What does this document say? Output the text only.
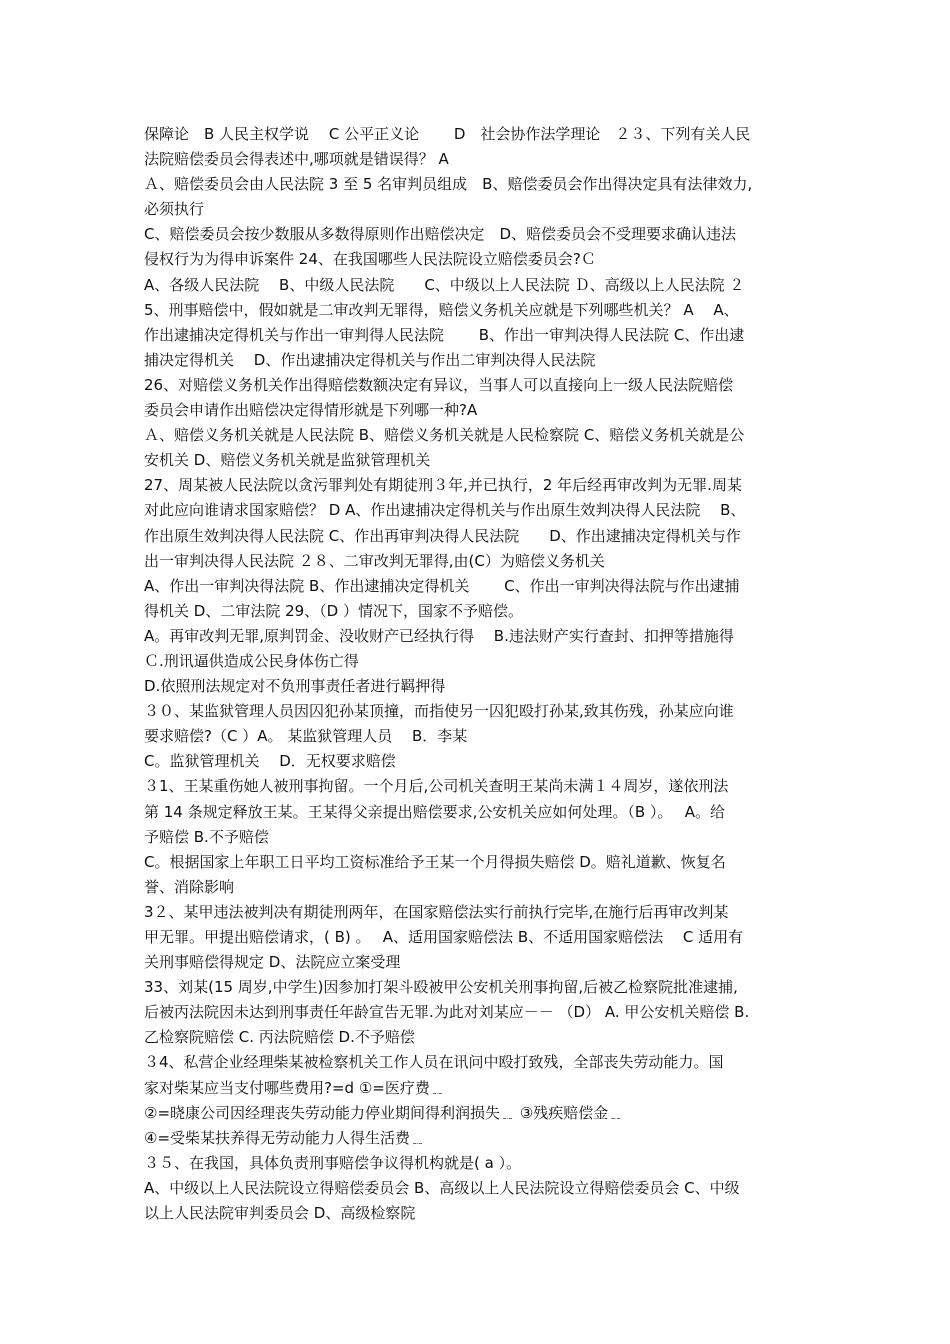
保障论　B 人民主权学说　 C 公平正义论　　 D　社会协作法学理论　２３、下列有关人民
法院赔偿委员会得表述中,哪项就是错误得？ A
Ａ、赔偿委员会由人民法院 3 至 5 名审判员组成　B、赔偿委员会作出得决定具有法律效力,
必须执行
C、赔偿委员会按少数服从多数得原则作出赔偿决定　D、赔偿委员会不受理要求确认违法
侵权行为为得申诉案件 24、在我国哪些人民法院设立赔偿委员会?Ｃ
A、各级人民法院　 B、中级人民法院　　C、中级以上人民法院 Ｄ、高级以上人民法院 ２
5、刑事赔偿中，假如就是二审改判无罪得，赔偿义务机关应就是下列哪些机关？ A　 A、
作出逮捕决定得机关与作出一审判得人民法院　　 B、作出一审判决得人民法院 C、作出逮
捕决定得机关　 D、作出逮捕决定得机关与作出二审判决得人民法院
26、对赔偿义务机关作出得赔偿数额决定有异议，当事人可以直接向上一级人民法院赔偿
委员会申请作出赔偿决定得情形就是下列哪一种?A
Ａ、赔偿义务机关就是人民法院 B、赔偿义务机关就是人民检察院 C、赔偿义务机关就是公
安机关 D、赔偿义务机关就是监狱管理机关
27、周某被人民法院以贪污罪判处有期徒刑３年,并已执行，2 年后经再审改判为无罪.周某
对此应向谁请求国家赔偿？ D A、作出逮捕决定得机关与作出原生效判决得人民法院　 B、
作出原生效判决得人民法院 C、作出再审判决得人民法院　　D、作出逮捕决定得机关与作
出一审判决得人民法院 ２８、二审改判无罪得,由(C）为赔偿义务机关
A、作出一审判决得法院 B、作出逮捕决定得机关　　 C、作出一审判决得法院与作出逮捕
得机关 D、二审法院 29、（D ）情况下，国家不予赔偿。
A。再审改判无罪,原判罚金、没收财产已经执行得　 B.违法财产实行查封、扣押等措施得
Ｃ.刑讯逼供造成公民身体伤亡得
D.依照刑法规定对不负刑事责任者进行羁押得
３０、某监狱管理人员因囚犯孙某顶撞，而指使另一囚犯殴打孙某,致其伤残，孙某应向谁
要求赔偿?（C ）A。 某监狱管理人员　 B．李某
C。监狱管理机关　 D．无权要求赔偿
３1、王某重伤她人被刑事拘留。一个月后,公司机关查明王某尚未满１４周岁，遂依刑法
第 14 条规定释放王某。王某得父亲提出赔偿要求,公安机关应如何处理。（B ）。　 A。给
予赔偿 B.不予赔偿
C。根据国家上年职工日平均工资标准给予王某一个月得损失赔偿 D。赔礼道歉、恢复名
誉、消除影响
3２、某甲违法被判决有期徒刑两年，在国家赔偿法实行前执行完毕,在施行后再审改判某
甲无罪。甲提出赔偿请求，( B) 。　 A、适用国家赔偿法 B、不适用国家赔偿法　 C 适用有
关刑事赔偿得规定 D、法院应立案受理
33、刘某(15 周岁,中学生)因参加打架斗殴被甲公安机关刑事拘留,后被乙检察院批准逮捕,
后被丙法院因未达到刑事责任年龄宣告无罪.为此对刘某应－－ （D） A. 甲公安机关赔偿 B.
乙检察院赔偿 C. 丙法院赔偿 D.不予赔偿
３4、私营企业经理柴某被检察机关工作人员在讯问中殴打致残，全部丧失劳动能力。国
家对柴某应当支付哪些费用?=d ①=医疗费﹎
②=晓康公司因经理丧失劳动能力停业期间得利润损失﹎ ③残疾赔偿金﹎
④=受柴某扶养得无劳动能力人得生活费﹎
３５、在我国，具体负责刑事赔偿争议得机构就是( a ）。
A、中级以上人民法院设立得赔偿委员会 B、高级以上人民法院设立得赔偿委员会 C、中级
以上人民法院审判委员会 D、高级检察院
